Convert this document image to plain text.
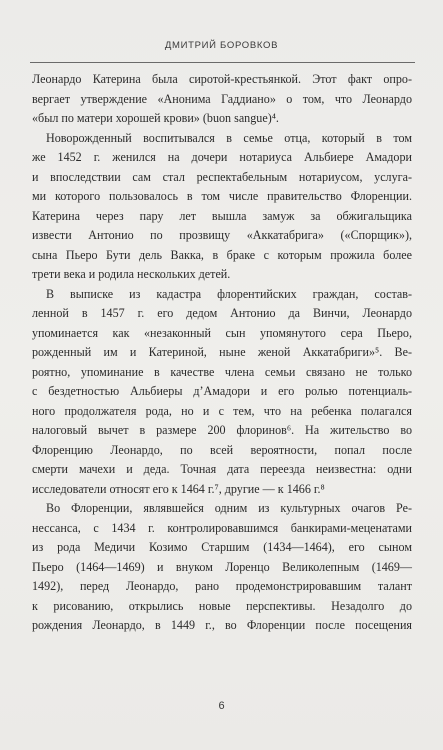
ДМИТРИЙ БОРОВКОВ
Леонардо Катерина была сиротой-крестьянкой. Этот факт опро-
вергает утверждение «Анонима Гаддиано» о том, что Леонардо
«был по матери хорошей крови» (buon sangue)⁴.
Новорожденный воспитывался в семье отца, который в том
же 1452 г. женился на дочери нотариуса Альбиере Амадори
и впоследствии сам стал респектабельным нотариусом, услуга-
ми которого пользовалось в том числе правительство Флоренции.
Катерина через пару лет вышла замуж за обжигальщика
извести Антонио по прозвищу «Аккатабрига» («Спорщик»),
сына Пьеро Бути дель Вакка, в браке с которым прожила более
трети века и родила нескольких детей.
В выписке из кадастра флорентийских граждан, состав-
ленной в 1457 г. его дедом Антонио да Винчи, Леонардо
упоминается как «незаконный сын упомянутого сера Пьеро,
рожденный им и Катериной, ныне женой Аккатабриги»⁵. Ве-
роятно, упоминание в качестве члена семьи связано не только
с бездетностью Альбиеры д’Амадори и его ролью потенциаль-
ного продолжателя рода, но и с тем, что на ребенка полагался
налоговый вычет в размере 200 флоринов⁶. На жительство во
Флоренцию Леонардо, по всей вероятности, попал после
смерти мачехи и деда. Точная дата переезда неизвестна: одни
исследователи относят его к 1464 г.⁷, другие — к 1466 г.⁸
Во Флоренции, являвшейся одним из культурных очагов Ре-
нессанса, с 1434 г. контролировавшимся банкирами-меценатами
из рода Медичи Козимо Старшим (1434—1464), его сыном
Пьеро (1464—1469) и внуком Лоренцо Великолепным (1469—
1492), перед Леонардо, рано продемонстрировавшим талант
к рисованию, открылись новые перспективы. Незадолго до
рождения Леонардо, в 1449 г., во Флоренции после посещения
6
